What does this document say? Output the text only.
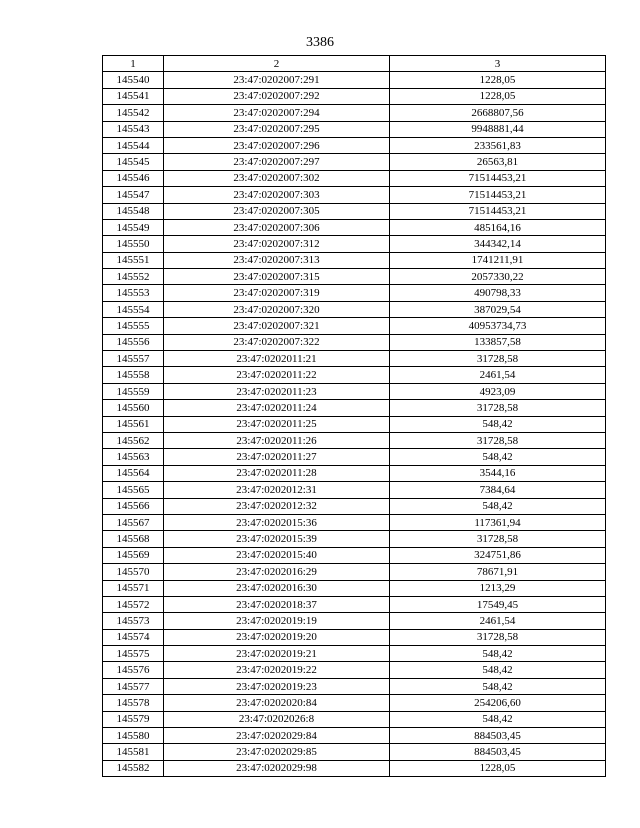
3386
1	2	3
145540	23:47:0202007:291	1228,05
145541	23:47:0202007:292	1228,05
145542	23:47:0202007:294	2668807,56
145543	23:47:0202007:295	9948881,44
145544	23:47:0202007:296	233561,83
145545	23:47:0202007:297	26563,81
145546	23:47:0202007:302	71514453,21
145547	23:47:0202007:303	71514453,21
145548	23:47:0202007:305	71514453,21
145549	23:47:0202007:306	485164,16
145550	23:47:0202007:312	344342,14
145551	23:47:0202007:313	1741211,91
145552	23:47:0202007:315	2057330,22
145553	23:47:0202007:319	490798,33
145554	23:47:0202007:320	387029,54
145555	23:47:0202007:321	40953734,73
145556	23:47:0202007:322	133857,58
145557	23:47:0202011:21	31728,58
145558	23:47:0202011:22	2461,54
145559	23:47:0202011:23	4923,09
145560	23:47:0202011:24	31728,58
145561	23:47:0202011:25	548,42
145562	23:47:0202011:26	31728,58
145563	23:47:0202011:27	548,42
145564	23:47:0202011:28	3544,16
145565	23:47:0202012:31	7384,64
145566	23:47:0202012:32	548,42
145567	23:47:0202015:36	117361,94
145568	23:47:0202015:39	31728,58
145569	23:47:0202015:40	324751,86
145570	23:47:0202016:29	78671,91
145571	23:47:0202016:30	1213,29
145572	23:47:0202018:37	17549,45
145573	23:47:0202019:19	2461,54
145574	23:47:0202019:20	31728,58
145575	23:47:0202019:21	548,42
145576	23:47:0202019:22	548,42
145577	23:47:0202019:23	548,42
145578	23:47:0202020:84	254206,60
145579	23:47:0202026:8	548,42
145580	23:47:0202029:84	884503,45
145581	23:47:0202029:85	884503,45
145582	23:47:0202029:98	1228,05
